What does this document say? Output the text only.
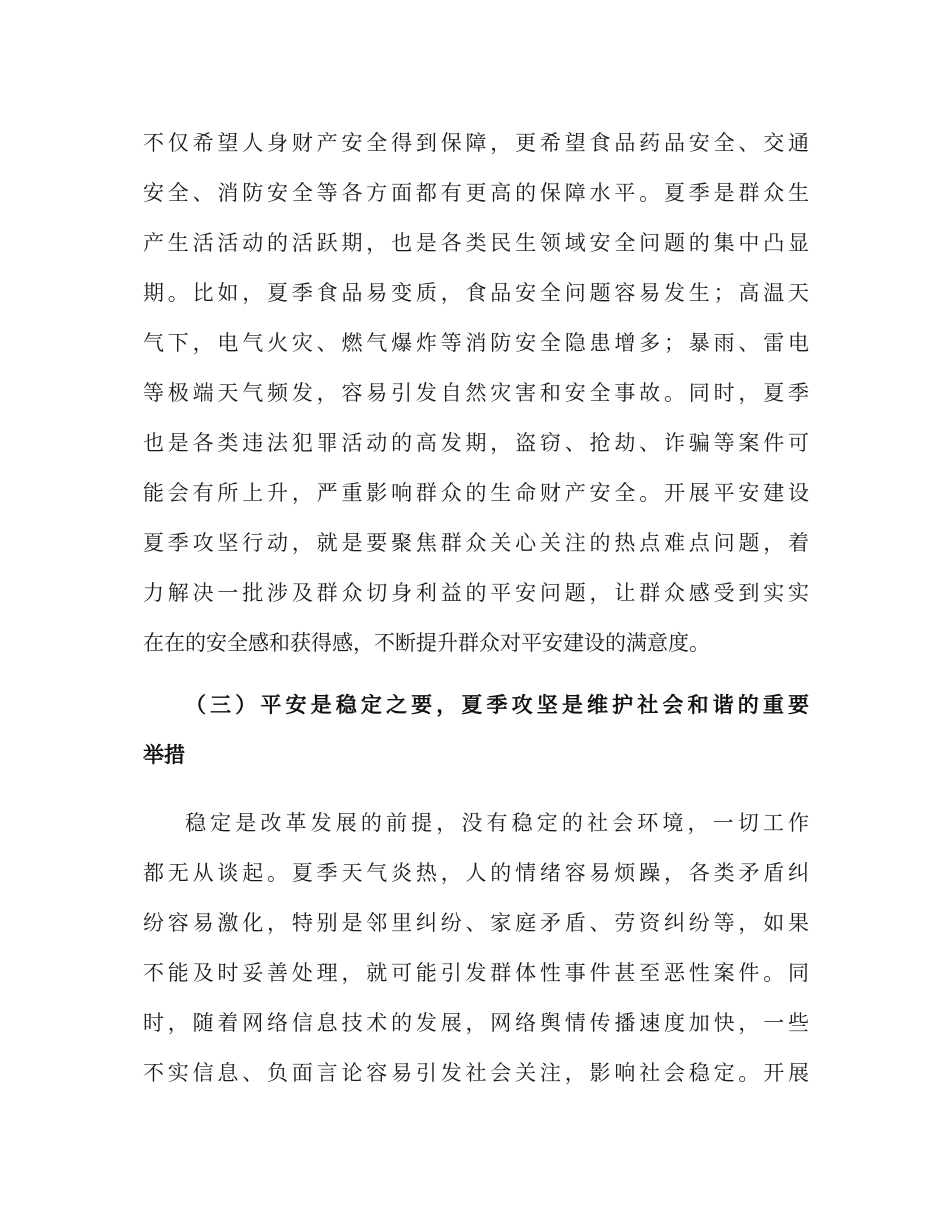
不仅希望人身财产安全得到保障，更希望食品药品安全、交通
安全、消防安全等各方面都有更高的保障水平。夏季是群众生
产生活活动的活跃期，也是各类民生领域安全问题的集中凸显
期。比如，夏季食品易变质，食品安全问题容易发生；高温天
气下，电气火灾、燃气爆炸等消防安全隐患增多；暴雨、雷电
等极端天气频发，容易引发自然灾害和安全事故。同时，夏季
也是各类违法犯罪活动的高发期，盗窃、抢劫、诈骗等案件可
能会有所上升，严重影响群众的生命财产安全。开展平安建设
夏季攻坚行动，就是要聚焦群众关心关注的热点难点问题，着
力解决一批涉及群众切身利益的平安问题，让群众感受到实实
在在的安全感和获得感，不断提升群众对平安建设的满意度。
（三）平安是稳定之要，夏季攻坚是维护社会和谐的重要
举措
稳定是改革发展的前提，没有稳定的社会环境，一切工作
都无从谈起。夏季天气炎热，人的情绪容易烦躁，各类矛盾纠
纷容易激化，特别是邻里纠纷、家庭矛盾、劳资纠纷等，如果
不能及时妥善处理，就可能引发群体性事件甚至恶性案件。同
时，随着网络信息技术的发展，网络舆情传播速度加快，一些
不实信息、负面言论容易引发社会关注，影响社会稳定。开展
